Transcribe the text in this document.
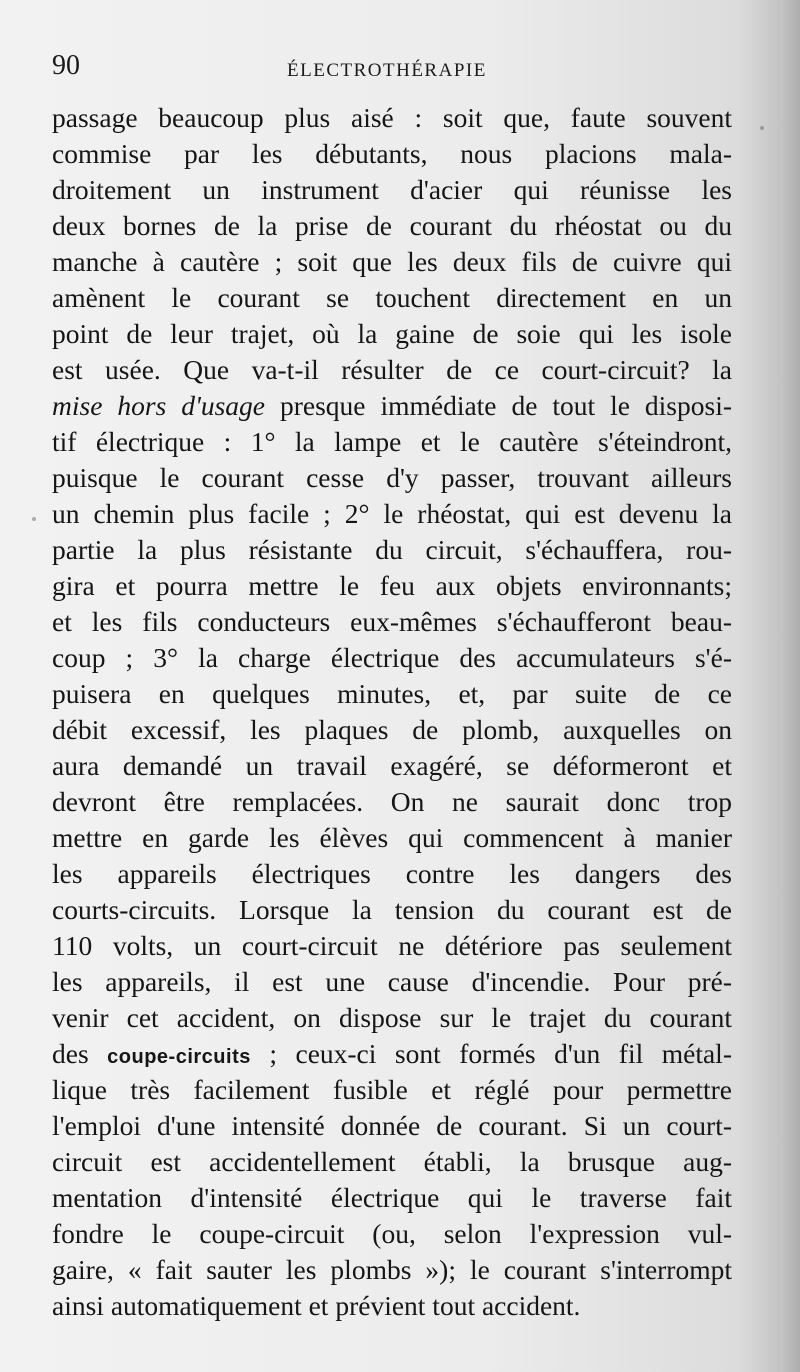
90	ÉLECTROTHÉRAPIE
passage beaucoup plus aisé : soit que, faute souvent
commise par les débutants, nous placions mala-
droitement un instrument d'acier qui réunisse les
deux bornes de la prise de courant du rhéostat ou du
manche à cautère ; soit que les deux fils de cuivre qui
amènent le courant se touchent directement en un
point de leur trajet, où la gaine de soie qui les isole
est usée. Que va-t-il résulter de ce court-circuit? la
mise hors d'usage presque immédiate de tout le disposi-
tif électrique : 1° la lampe et le cautère s'éteindront,
puisque le courant cesse d'y passer, trouvant ailleurs
un chemin plus facile ; 2° le rhéostat, qui est devenu la
partie la plus résistante du circuit, s'échauffera, rou-
gira et pourra mettre le feu aux objets environnants;
et les fils conducteurs eux-mêmes s'échaufferont beau-
coup ; 3° la charge électrique des accumulateurs s'é-
puisera en quelques minutes, et, par suite de ce
débit excessif, les plaques de plomb, auxquelles on
aura demandé un travail exagéré, se déformeront et
devront être remplacées. On ne saurait donc trop
mettre en garde les élèves qui commencent à manier
les appareils électriques contre les dangers des
courts-circuits. Lorsque la tension du courant est de
110 volts, un court-circuit ne détériore pas seulement
les appareils, il est une cause d'incendie. Pour pré-
venir cet accident, on dispose sur le trajet du courant
des coupe-circuits ; ceux-ci sont formés d'un fil métal-
lique très facilement fusible et réglé pour permettre
l'emploi d'une intensité donnée de courant. Si un court-
circuit est accidentellement établi, la brusque aug-
mentation d'intensité électrique qui le traverse fait
fondre le coupe-circuit (ou, selon l'expression vul-
gaire, « fait sauter les plombs »); le courant s'interrompt
ainsi automatiquement et prévient tout accident.
